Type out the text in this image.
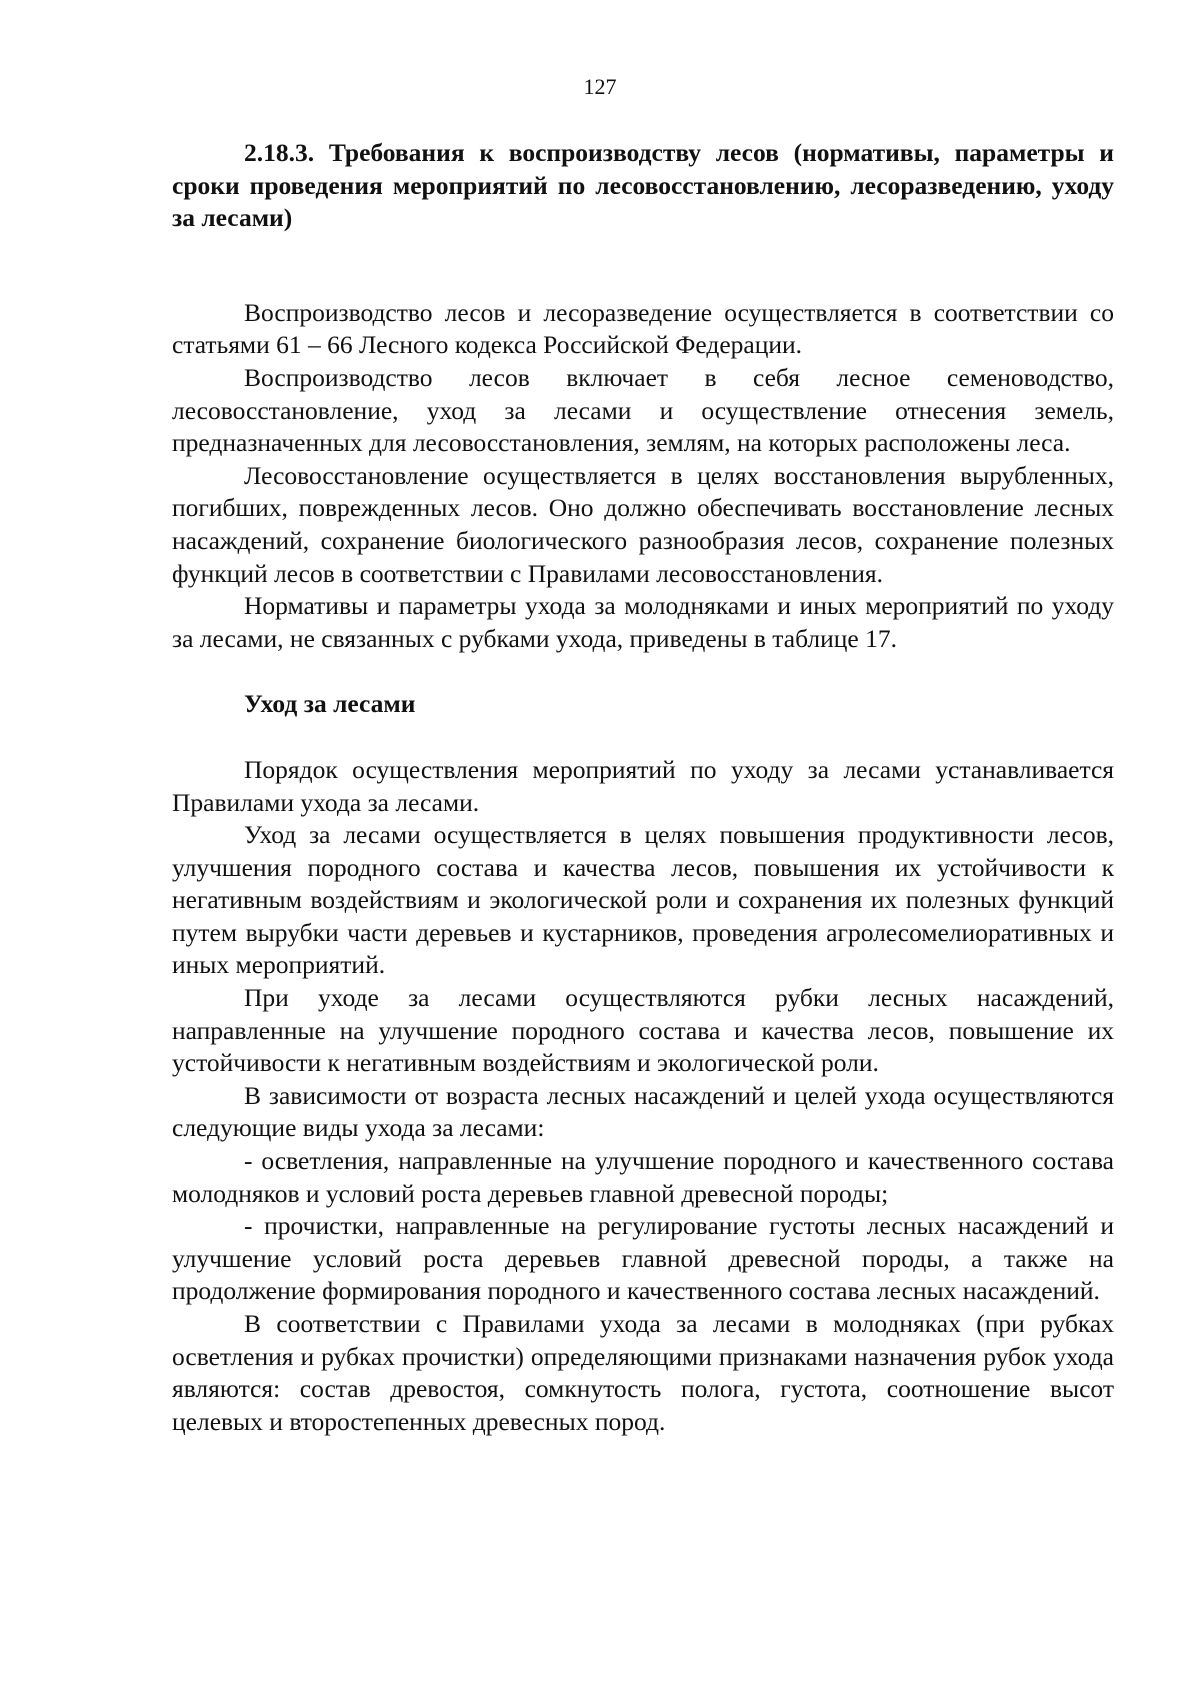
127

2.18.3. Требования к воспроизводству лесов (нормативы, параметры и сроки проведения мероприятий по лесовосстановлению, лесоразведению, уходу за лесами)

Воспроизводство лесов и лесоразведение осуществляется в соответствии со статьями 61 – 66 Лесного кодекса Российской Федерации.

Воспроизводство лесов включает в себя лесное семеноводство, лесовосстановление, уход за лесами и осуществление отнесения земель, предназначенных для лесовосстановления, землям, на которых расположены леса.

Лесовосстановление осуществляется в целях восстановления вырубленных, погибших, поврежденных лесов. Оно должно обеспечивать восстановление лесных насаждений, сохранение биологического разнообразия лесов, сохранение полезных функций лесов в соответствии с Правилами лесовосстановления.

Нормативы и параметры ухода за молодняками и иных мероприятий по уходу за лесами, не связанных с рубками ухода, приведены в таблице 17.

Уход за лесами

Порядок осуществления мероприятий по уходу за лесами устанавливается Правилами ухода за лесами.

Уход за лесами осуществляется в целях повышения продуктивности лесов, улучшения породного состава и качества лесов, повышения их устойчивости к негативным воздействиям и экологической роли и сохранения их полезных функций путем вырубки части деревьев и кустарников, проведения агролесомелиоративных и иных мероприятий.

При уходе за лесами осуществляются рубки лесных насаждений, направленные на улучшение породного состава и качества лесов, повышение их устойчивости к негативным воздействиям и экологической роли.

В зависимости от возраста лесных насаждений и целей ухода осуществляются следующие виды ухода за лесами:

- осветления, направленные на улучшение породного и качественного состава молодняков и условий роста деревьев главной древесной породы;

- прочистки, направленные на регулирование густоты лесных насаждений и улучшение условий роста деревьев главной древесной породы, а также на продолжение формирования породного и качественного состава лесных насаждений.

В соответствии с Правилами ухода за лесами в молодняках (при рубках осветления и рубках прочистки) определяющими признаками назначения рубок ухода являются: состав древостоя, сомкнутость полога, густота, соотношение высот целевых и второстепенных древесных пород.
